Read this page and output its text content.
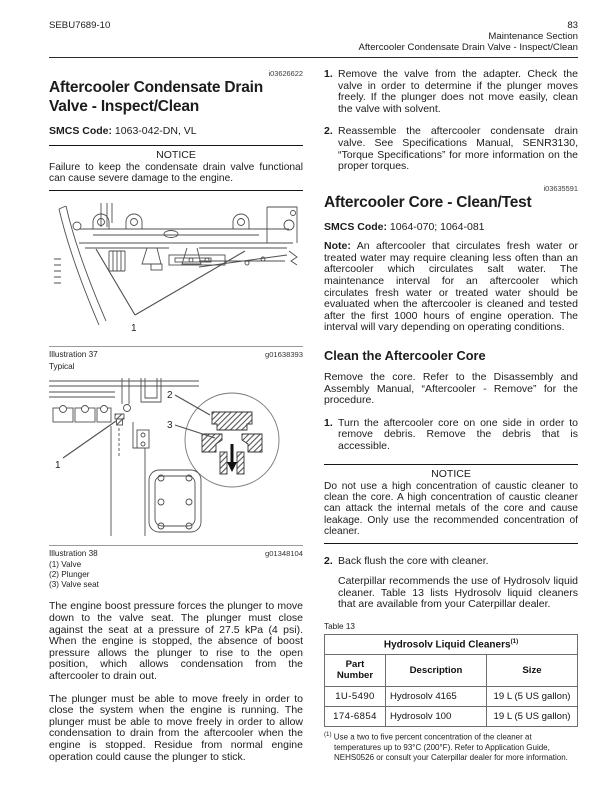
SEBU7689-10	83
Maintenance Section
Aftercooler Condensate Drain Valve - Inspect/Clean
i03626622
Aftercooler Condensate Drain Valve - Inspect/Clean
SMCS Code: 1063-042-DN, VL
NOTICE
Failure to keep the condensate drain valve functional can cause severe damage to the engine.
1
Illustration 37	g01638393
Typical
1
2
3
Illustration 38	g01348104
(1) Valve
(2) Plunger
(3) Valve seat
The engine boost pressure forces the plunger to move down to the valve seat. The plunger must close against the seat at a pressure of 27.5 kPa (4 psi). When the engine is stopped, the absence of boost pressure allows the plunger to rise to the open position, which allows condensation from the aftercooler to drain out.
The plunger must be able to move freely in order to close the system when the engine is running. The plunger must be able to move freely in order to allow condensation to drain from the aftercooler when the engine is stopped. Residue from normal engine operation could cause the plunger to stick.
1. Remove the valve from the adapter. Check the valve in order to determine if the plunger moves freely. If the plunger does not move easily, clean the valve with solvent.
2. Reassemble the aftercooler condensate drain valve. See Specifications Manual, SENR3130, “Torque Specifications” for more information on the proper torques.
i03635591
Aftercooler Core - Clean/Test
SMCS Code: 1064-070; 1064-081
Note: An aftercooler that circulates fresh water or treated water may require cleaning less often than an aftercooler which circulates salt water. The maintenance interval for an aftercooler which circulates fresh water or treated water should be evaluated when the aftercooler is cleaned and tested after the first 1000 hours of engine operation. The interval will vary depending on operating conditions.
Clean the Aftercooler Core
Remove the core. Refer to the Disassembly and Assembly Manual, “Aftercooler - Remove” for the procedure.
1. Turn the aftercooler core on one side in order to remove debris. Remove the debris that is accessible.
NOTICE
Do not use a high concentration of caustic cleaner to clean the core. A high concentration of caustic cleaner can attack the internal metals of the core and cause leakage. Only use the recommended concentration of cleaner.
2. Back flush the core with cleaner.
Caterpillar recommends the use of Hydrosolv liquid cleaner. Table 13 lists Hydrosolv liquid cleaners that are available from your Caterpillar dealer.
Table 13
Hydrosolv Liquid Cleaners$^{(1)}$
Part Number	Description	Size
1U-5490	Hydrosolv 4165	19 L (5 US gallon)
174-6854	Hydrosolv 100	19 L (5 US gallon)
$^{(1)}$ Use a two to five percent concentration of the cleaner at temperatures up to 93°C (200°F). Refer to Application Guide, NEHS0526 or consult your Caterpillar dealer for more information.
